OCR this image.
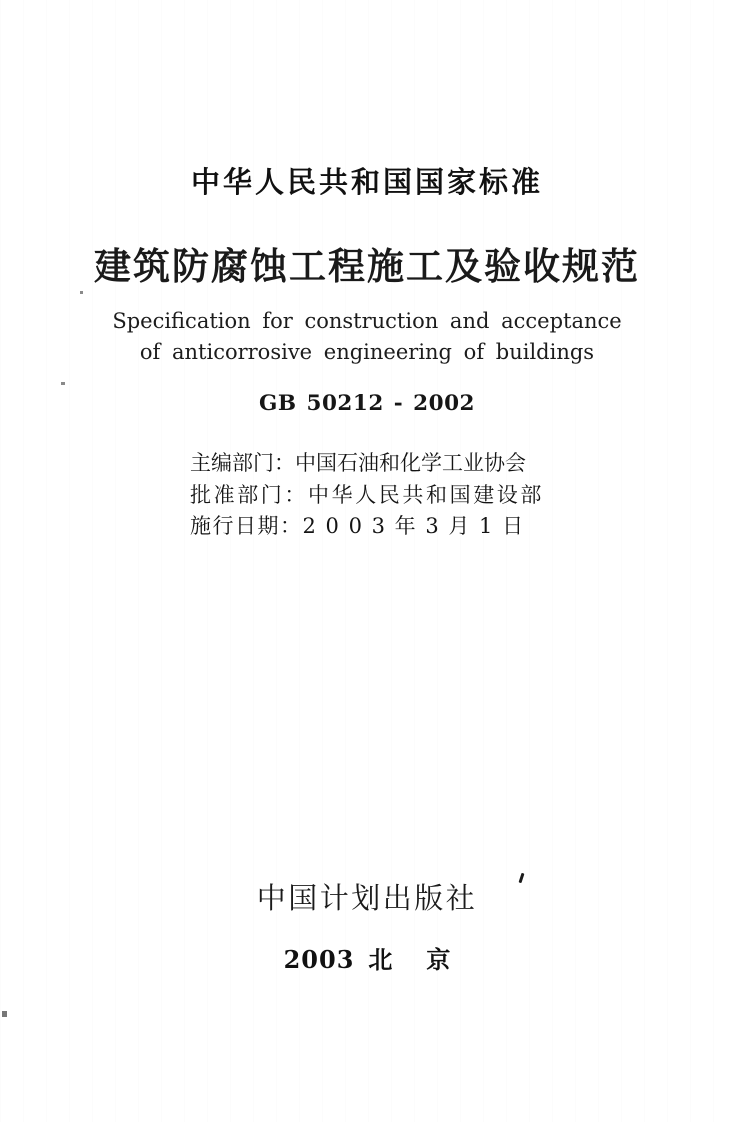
中华人民共和国国家标准
建筑防腐蚀工程施工及验收规范
Specification for construction and acceptance
of anticorrosive engineering of buildings
GB 50212 - 2002
主编部门：中国石油和化学工业协会
批准部门：中华人民共和国建设部
施行日期：2 0 0 3 年 3 月 1 日
中国计划出版社
2003 北 京
